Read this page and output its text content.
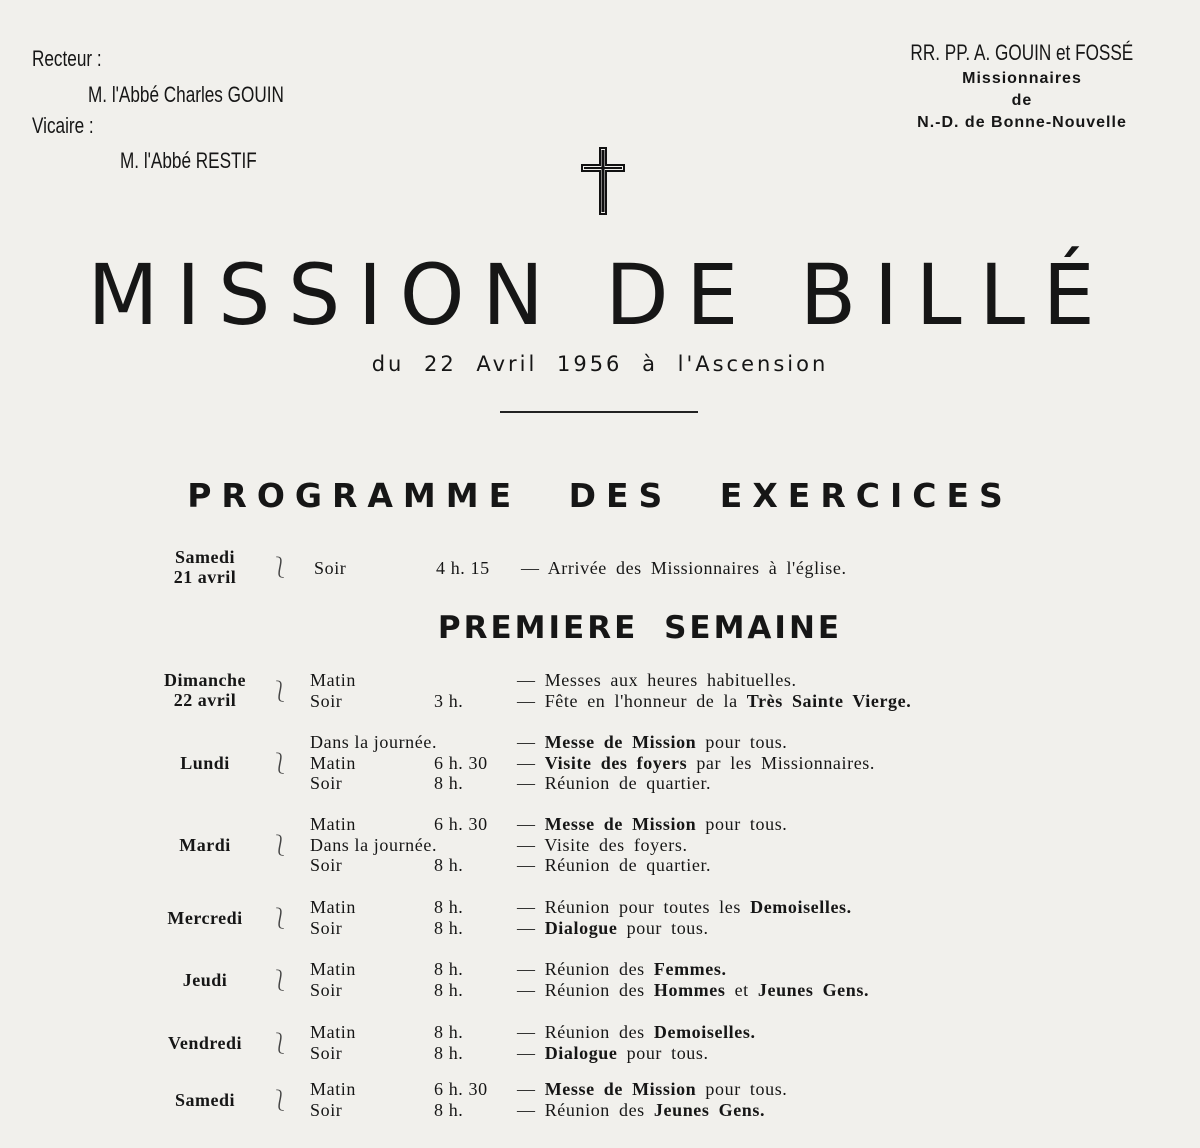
Recteur :
M. l'Abbé Charles GOUIN
Vicaire :
M. l'Abbé RESTIF
RR. PP. A. GOUIN et FOSSÉ
Missionnaires
de
N.-D. de Bonne-Nouvelle
MISSION DE BILLÉ
du 22 Avril 1956 à l'Ascension
PROGRAMME DES EXERCICES
Samedi
21 avril	⎱ Soir	4 h. 15 — Arrivée des Missionnaires à l'église.
PREMIERE SEMAINE
Dimanche
22 avril	⎱ Matin	— Messes aux heures habituelles.
Soir	3 h.	— Fête en l'honneur de la Très Sainte Vierge.
Lundi	⎱
Dans la journée.	— Messe de Mission pour tous.
Matin	6 h. 30 — Visite des foyers par les Missionnaires.
Soir	8 h.	— Réunion de quartier.
Mardi	⎱
Matin	6 h. 30 — Messe de Mission pour tous.
Dans la journée.	— Visite des foyers.
Soir	8 h.	— Réunion de quartier.
Mercredi	⎱ Matin	8 h.	— Réunion pour toutes les Demoiselles.
Soir	8 h.	— Dialogue pour tous.
Jeudi	⎱ Matin	8 h.	— Réunion des Femmes.
Soir	8 h.	— Réunion des Hommes et Jeunes Gens.
Vendredi	⎱ Matin	8 h.	— Réunion des Demoiselles.
Soir	8 h.	— Dialogue pour tous.
Samedi	⎱ Matin	6 h. 30 — Messe de Mission pour tous.
Soir	8 h.	— Réunion des Jeunes Gens.
